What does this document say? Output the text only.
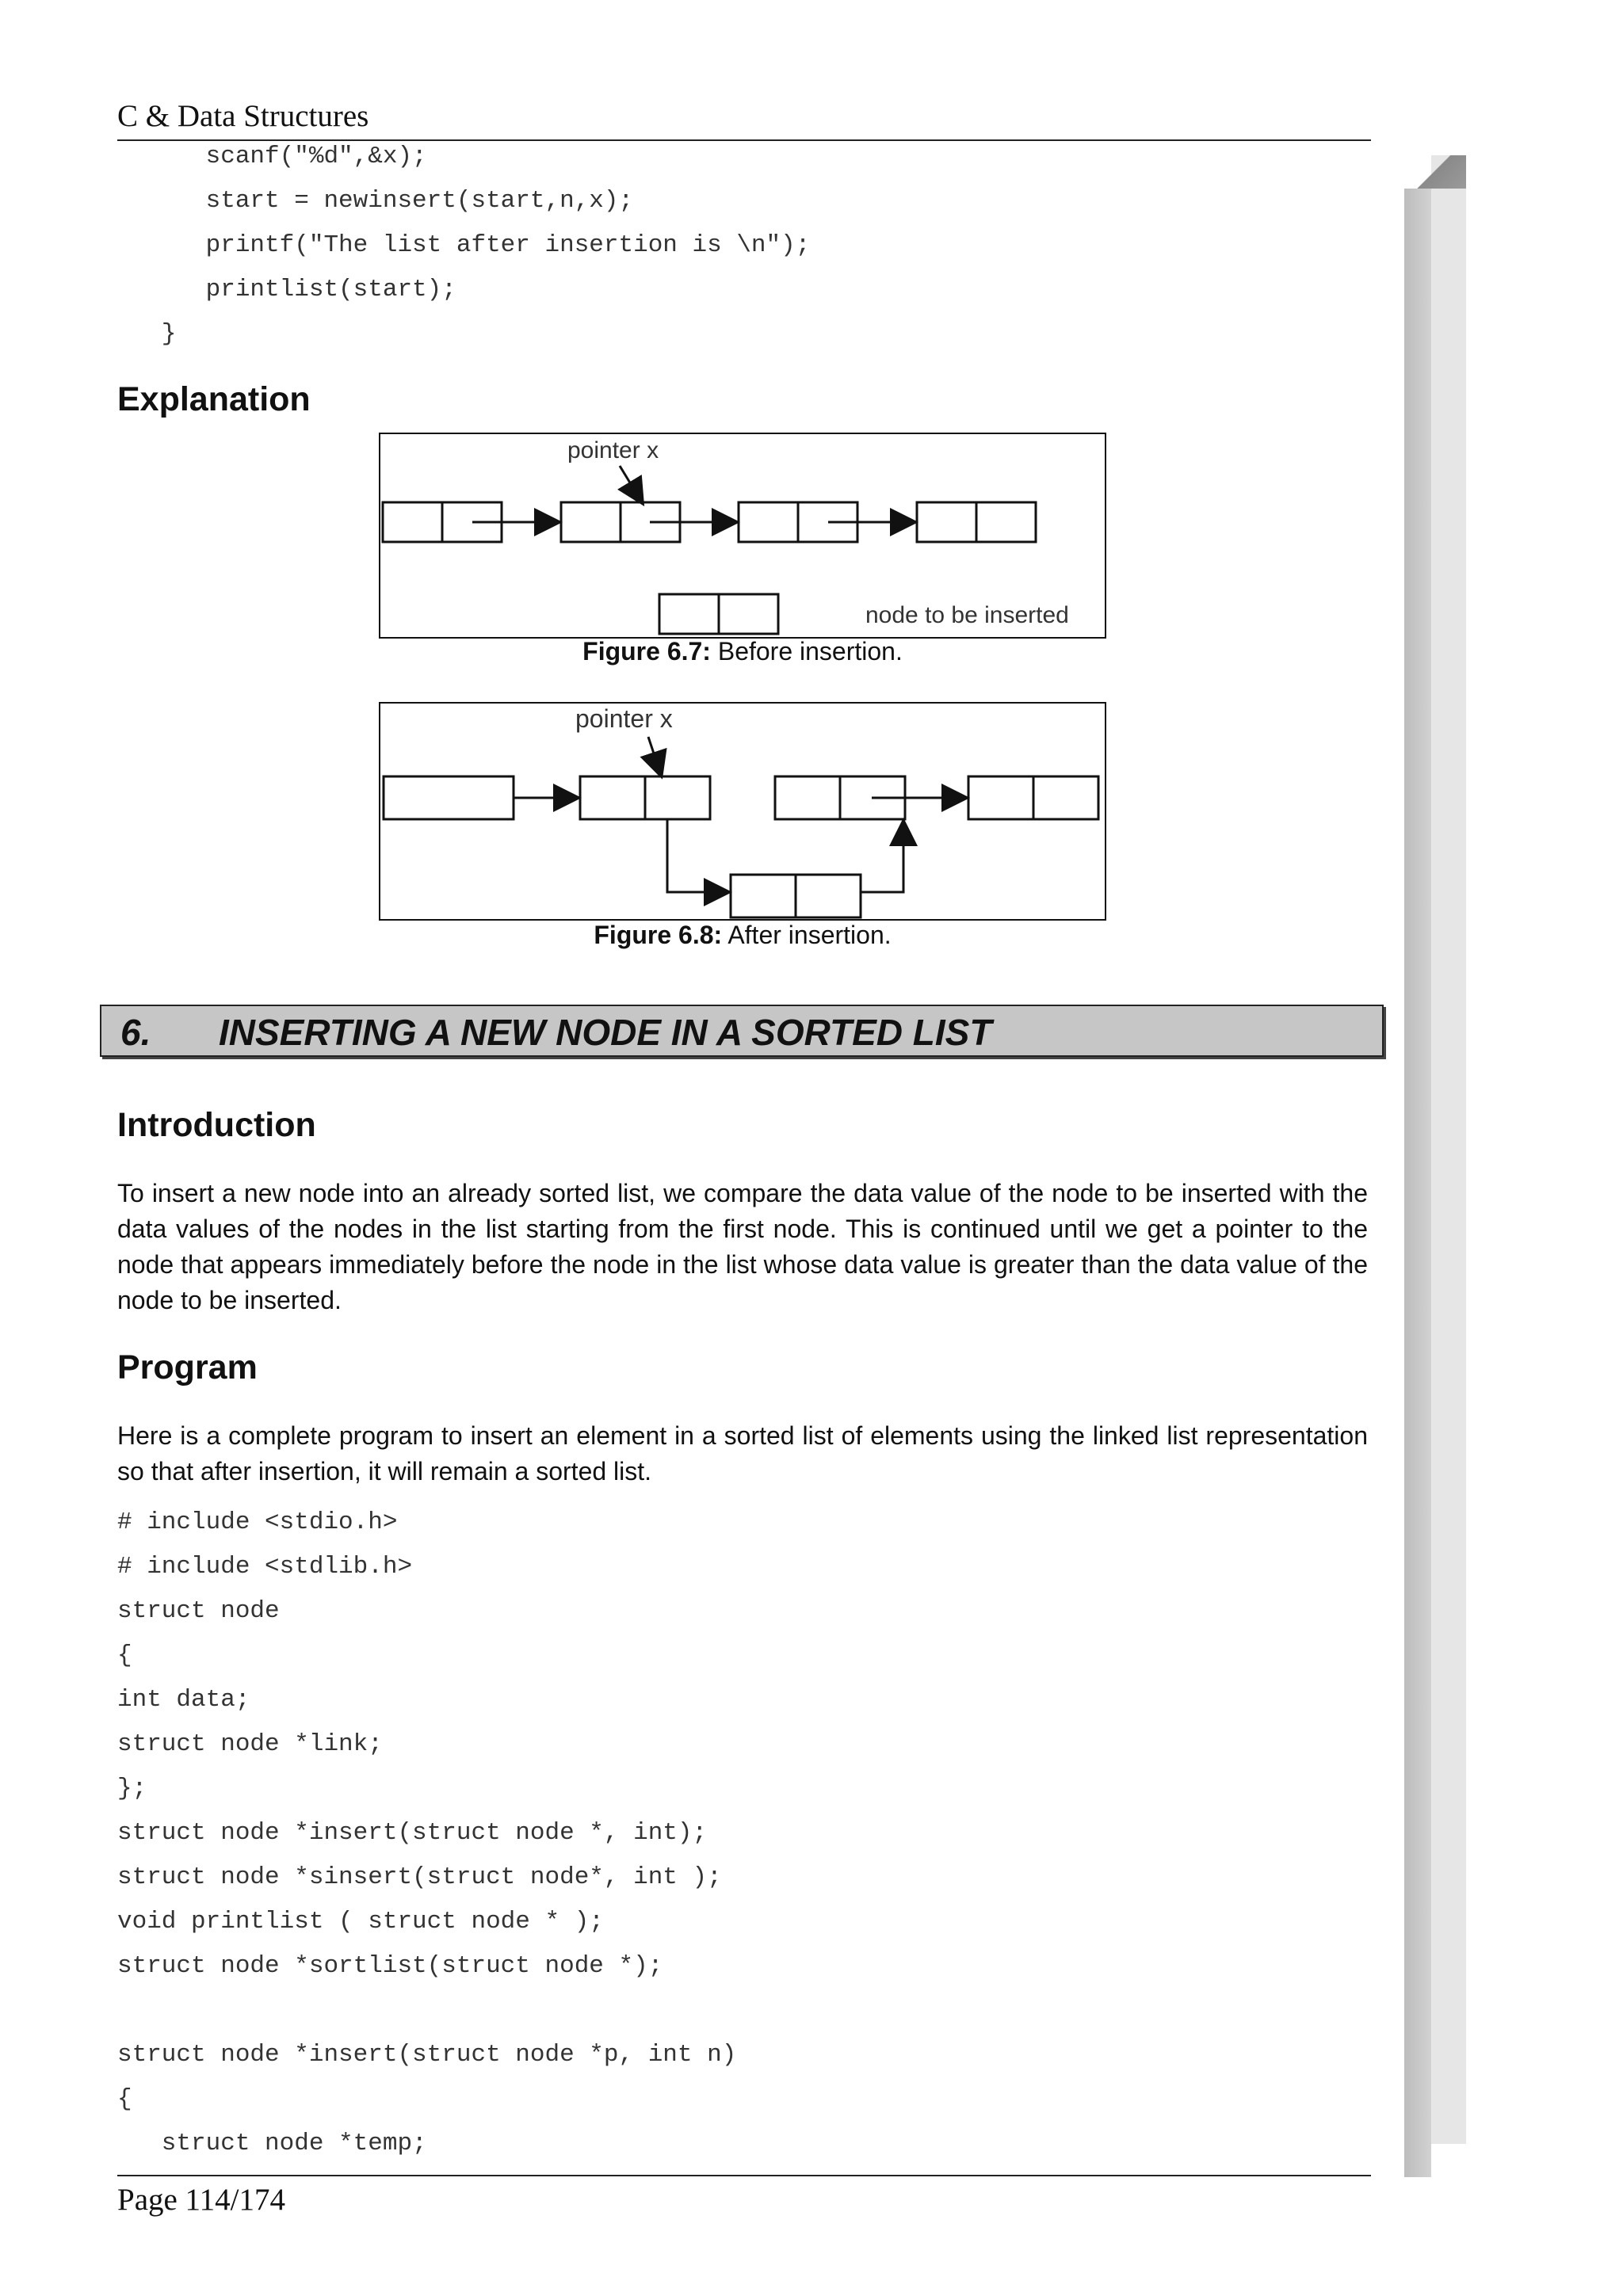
C & Data Structures
scanf("%d",&x);
start = newinsert(start,n,x);
printf("The list after insertion is \n");
printlist(start);
}
Explanation
pointer x
node to be inserted
Figure 6.7: Before insertion.
pointer x
Figure 6.8: After insertion.
6. INSERTING A NEW NODE IN A SORTED LIST
Introduction
To insert a new node into an already sorted list, we compare the data value of the node to be inserted with the data values of the nodes in the list starting from the first node. This is continued until we get a pointer to the node that appears immediately before the node in the list whose data value is greater than the data value of the node to be inserted.
Program
Here is a complete program to insert an element in a sorted list of elements using the linked list representation so that after insertion, it will remain a sorted list.
# include <stdio.h>
# include <stdlib.h>
struct node
{
int data;
struct node *link;
};
struct node *insert(struct node *, int);
struct node *sinsert(struct node*, int );
void printlist ( struct node * );
struct node *sortlist(struct node *);

struct node *insert(struct node *p, int n)
{
struct node *temp;
Page 114/174
